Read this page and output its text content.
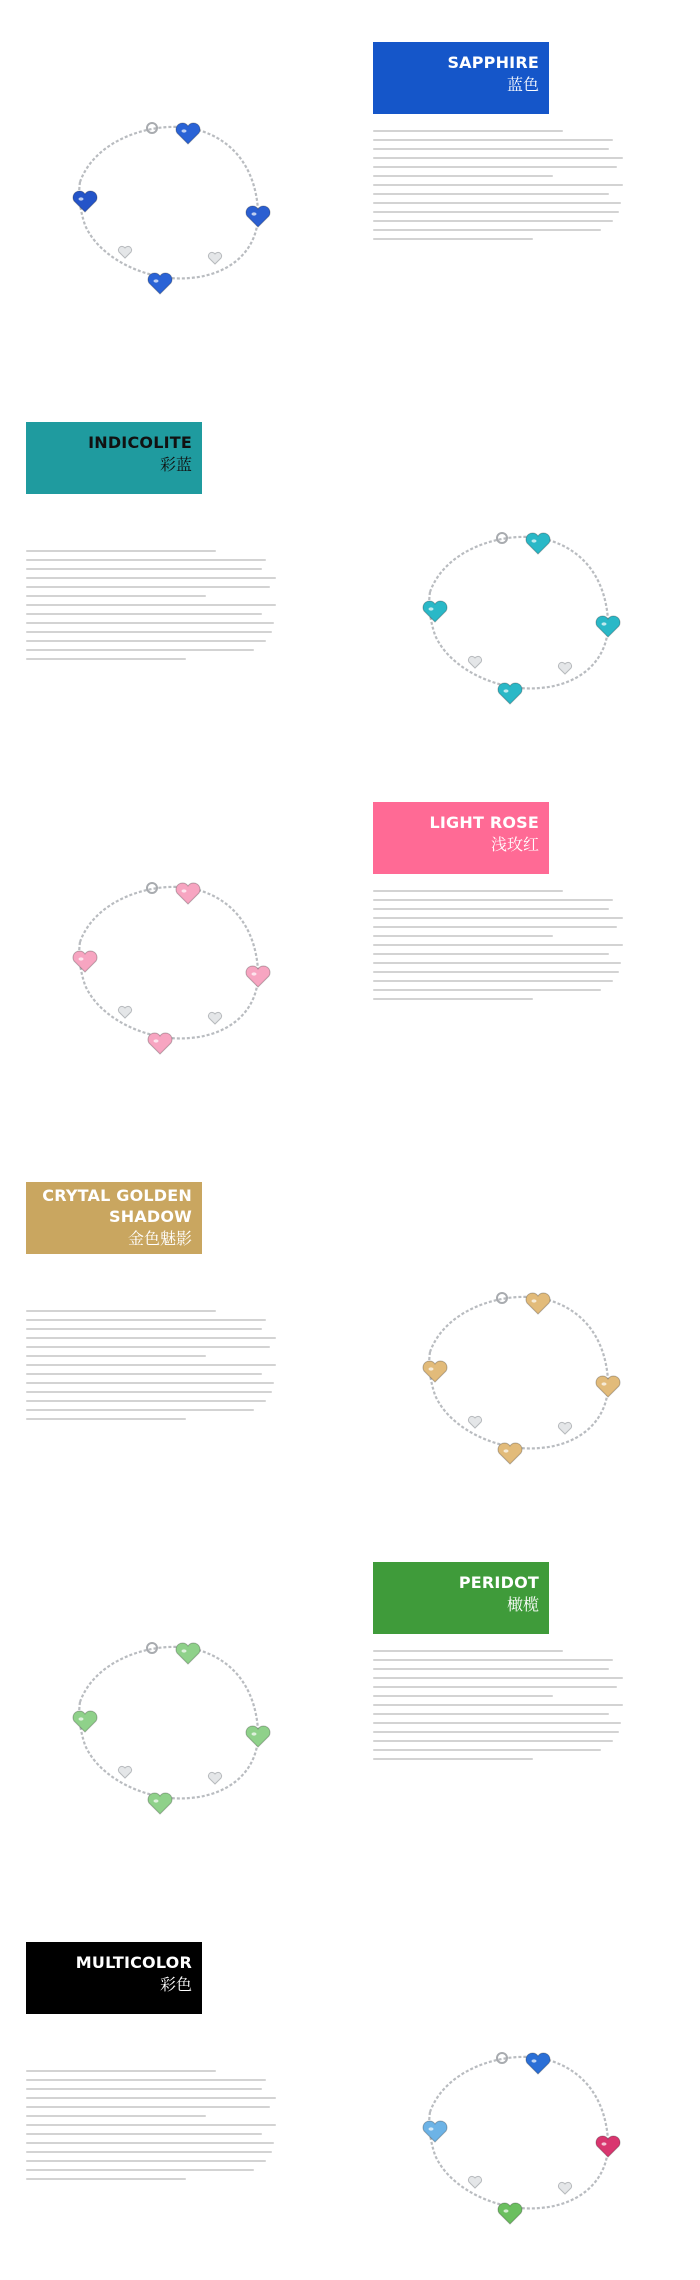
SAPPHIRE
蓝色
INDICOLITE
彩蓝
LIGHT ROSE
浅玫红
CRYTAL GOLDEN SHADOW
金色魅影
PERIDOT
橄榄
MULTICOLOR
彩色
